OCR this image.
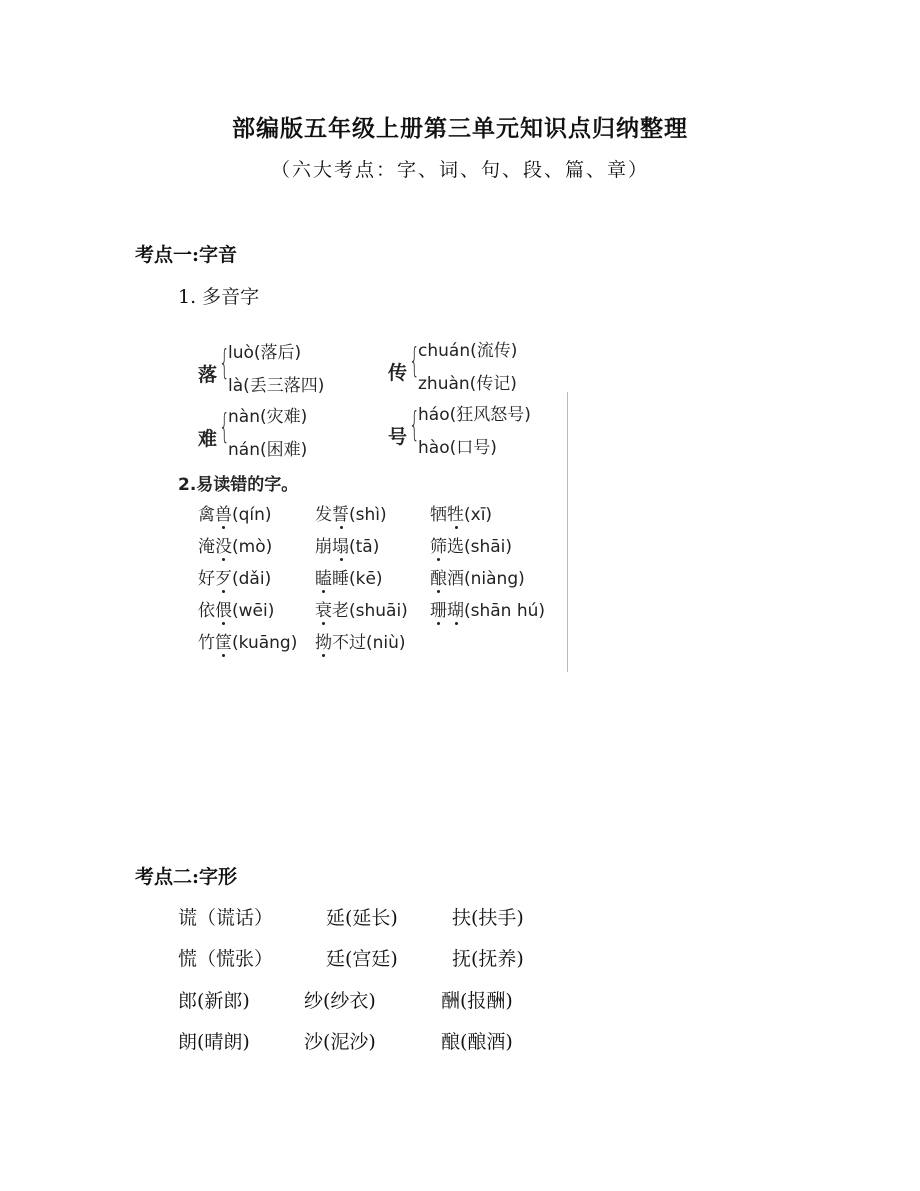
部编版五年级上册第三单元知识点归纳整理
（六大考点：字、词、句、段、篇、章）
考点一:字音
1. 多音字
落 {
luò(落后)
là(丢三落四)
传 {
chuán(流传)
zhuàn(传记)
难 {
nàn(灾难)
nán(困难)
号 {
háo(狂风怒号)
hào(口号)
2.易读错的字。
禽兽(qín)	发誓(shì)	牺牲(xī)
淹没(mò)	崩塌(tā)	筛选(shāi)
好歹(dǎi)	瞌睡(kē)	酿酒(niàng)
依偎(wēi) 衰老(shuāi) 珊瑚(shān hú)
竹筐(kuāng) 拗不过(niù)
考点二:字形
谎（谎话）	延(延长)	扶(扶手)
慌（慌张）	廷(宫廷)	抚(抚养)
郎(新郎)	纱(纱衣)	酬(报酬)
朗(晴朗)	沙(泥沙)	酿(酿酒)
